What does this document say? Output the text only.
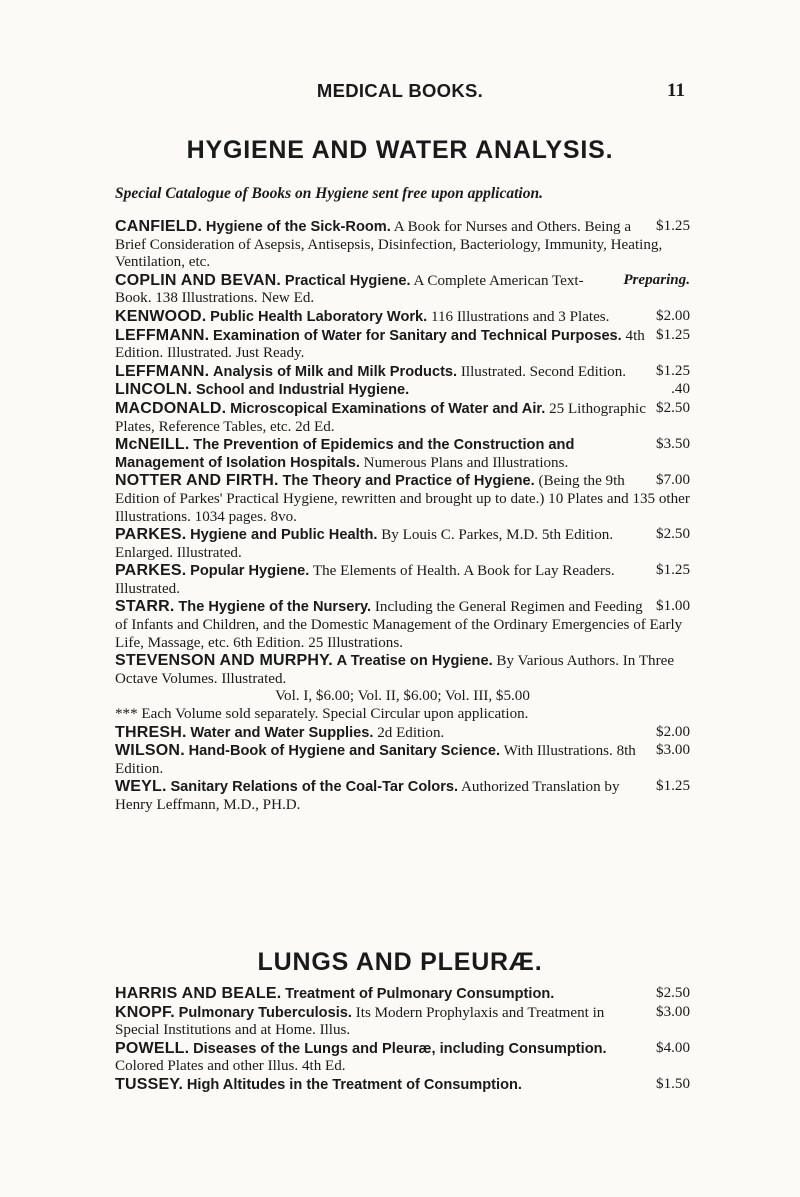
MEDICAL BOOKS.	11
HYGIENE AND WATER ANALYSIS.
Special Catalogue of Books on Hygiene sent free upon application.
$1.25
CANFIELD. Hygiene of the Sick-Room. A Book for Nurses and Others. Being a Brief Consideration of Asepsis, Antisepsis, Disinfection, Bacteriology, Immunity, Heating, Ventilation, etc.
Preparing.
COPLIN AND BEVAN. Practical Hygiene. A Complete American Text-Book. 138 Illustrations. New Ed.
$2.00
KENWOOD. Public Health Laboratory Work. 116 Illustrations and 3 Plates.
$1.25
LEFFMANN. Examination of Water for Sanitary and Technical Purposes. 4th Edition. Illustrated. Just Ready.
$1.25
LEFFMANN. Analysis of Milk and Milk Products. Illustrated. Second Edition.
.40
LINCOLN. School and Industrial Hygiene.
$2.50
MACDONALD. Microscopical Examinations of Water and Air. 25 Lithographic Plates, Reference Tables, etc. 2d Ed.
$3.50
McNEILL. The Prevention of Epidemics and the Construction and Management of Isolation Hospitals. Numerous Plans and Illustrations.
$7.00
NOTTER AND FIRTH. The Theory and Practice of Hygiene. (Being the 9th Edition of Parkes' Practical Hygiene, rewritten and brought up to date.) 10 Plates and 135 other Illustrations. 1034 pages. 8vo.
$2.50
PARKES. Hygiene and Public Health. By Louis C. Parkes, M.D. 5th Edition. Enlarged. Illustrated.
$1.25
PARKES. Popular Hygiene. The Elements of Health. A Book for Lay Readers. Illustrated.
$1.00
STARR. The Hygiene of the Nursery. Including the General Regimen and Feeding of Infants and Children, and the Domestic Management of the Ordinary Emergencies of Early Life, Massage, etc. 6th Edition. 25 Illustrations.
STEVENSON AND MURPHY. A Treatise on Hygiene. By Various Authors. In Three Octave Volumes. Illustrated.
Vol. I, $6.00; Vol. II, $6.00; Vol. III, $5.00
*** Each Volume sold separately. Special Circular upon application.
$2.00
THRESH. Water and Water Supplies. 2d Edition.
$3.00
WILSON. Hand-Book of Hygiene and Sanitary Science. With Illustrations. 8th Edition.
$1.25
WEYL. Sanitary Relations of the Coal-Tar Colors. Authorized Translation by Henry Leffmann, M.D., PH.D.
LUNGS AND PLEURÆ.
$2.50
HARRIS AND BEALE. Treatment of Pulmonary Consumption.
$3.00
KNOPF. Pulmonary Tuberculosis. Its Modern Prophylaxis and Treatment in Special Institutions and at Home. Illus.
$4.00
POWELL. Diseases of the Lungs and Pleuræ, including Consumption. Colored Plates and other Illus. 4th Ed.
$1.50
TUSSEY. High Altitudes in the Treatment of Consumption.
